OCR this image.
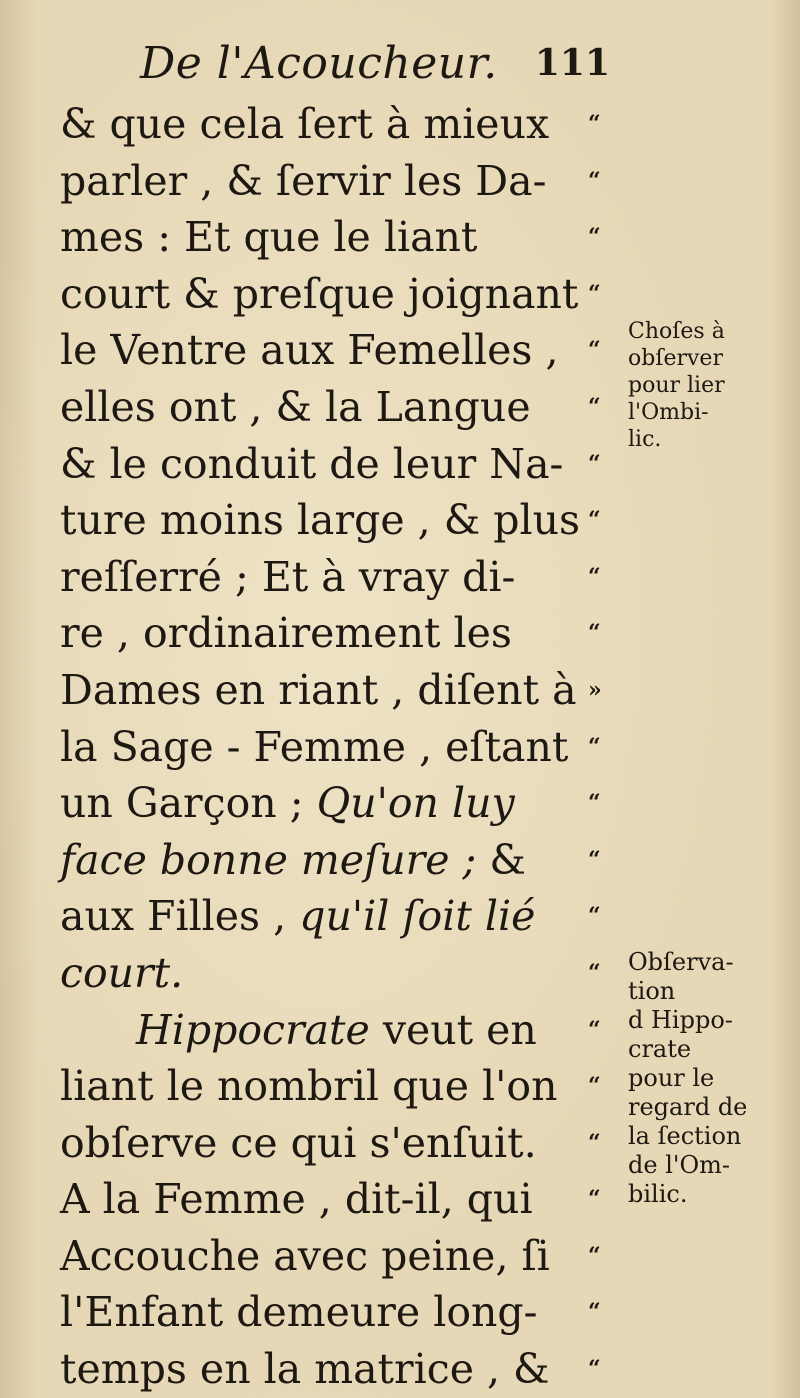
De l'Acoucheur. 111
& que cela ſert à mieux “
parler , & ſervir les Da- “
mes : Et que le liant	“
court & preſque joignant “
le Ventre aux Femelles , “
elles ont , & la Langue	“
& le conduit de leur Na- “
ture moins large , & plus “
reſſerré ; Et à vray di-	“
re , ordinairement les	“
Dames en riant , diſent à »
la Sage - Femme , eſtant “
un Garçon ; Qu'on luy	“
face bonne meſure ; &	“
aux Filles , qu'il ſoit lié “
court.	“
Hippocrate veut en “
liant le nombril que l'on “
obſerve ce qui s'enſuit. “
A la Femme , dit-il, qui	“
Accouche avec peine, ſi “
l'Enfant demeure long- “
temps en la matrice , & “
Choſes à
obſerver
pour lier
l'Ombi-
lic.
Obſerva-
tion
d Hippo-
crate
pour le
regard de
la ſection
de l'Om-
bilic.
